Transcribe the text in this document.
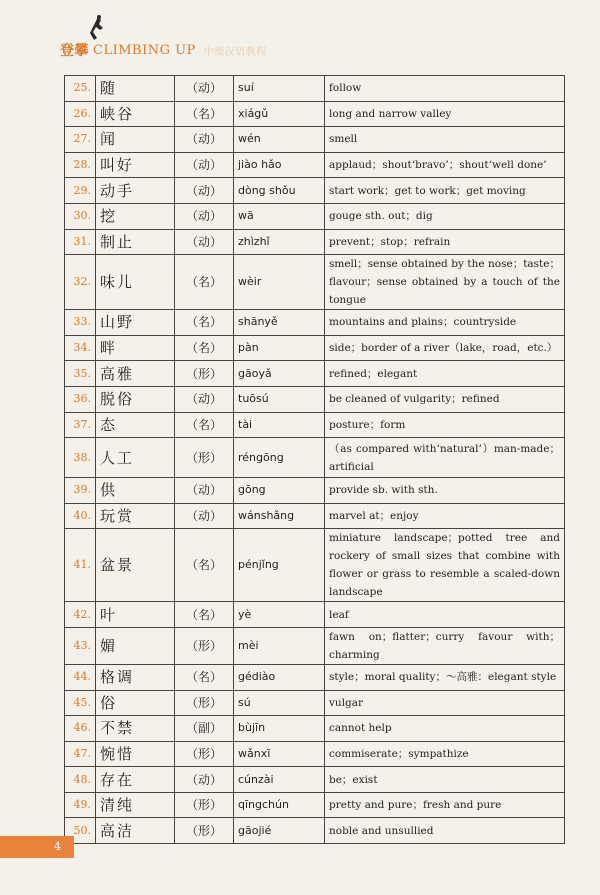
登攀 CLIMBING UP 中级汉语教程
25.	随	（动）	suí	follow
26.	峡谷	（名）	xiágǔ	long and narrow valley
27.	闻	（动）	wén	smell
28.	叫好	（动）	jiào hǎo	applaud；shout‘bravo’；shout‘well done’
29.	动手	（动）	dòng shǒu	start work；get to work；get moving
30.	挖	（动）	wā	gouge sth. out；dig
31.	制止	（动）	zhìzhǐ	prevent；stop；refrain
32.	味儿	（名）	wèir	smell；sense obtained by the nose；taste；flavour；sense obtained by a touch of the tongue
33.	山野	（名）	shānyě	mountains and plains；countryside
34.	畔	（名）	pàn	side；border of a river（lake，road，etc.）
35.	高雅	（形）	gāoyǎ	refined；elegant
36.	脱俗	（动）	tuōsú	be cleaned of vulgarity；refined
37.	态	（名）	tài	posture；form
38.	人工	（形）	réngōng	（as compared with‘natural’）man-made；artificial
39.	供	（动）	gōng	provide sb. with sth.
40.	玩赏	（动）	wánshǎng	marvel at；enjoy
41.	盆景	（名）	pénjǐng	miniature landscape；potted tree and rockery of small sizes that combine with flower or grass to resemble a scaled-down landscape
42.	叶	（名）	yè	leaf
43.	媚	（形）	mèi	fawn on；flatter；curry favour with；charming
44.	格调	（名）	gédiào	style；moral quality；～高雅：elegant style
45.	俗	（形）	sú	vulgar
46.	不禁	（副）	bùjīn	cannot help
47.	惋惜	（形）	wǎnxī	commiserate；sympathize
48.	存在	（动）	cúnzài	be；exist
49.	清纯	（形）	qīngchún	pretty and pure；fresh and pure
50.	高洁	（形）	gāojié	noble and unsullied
4
